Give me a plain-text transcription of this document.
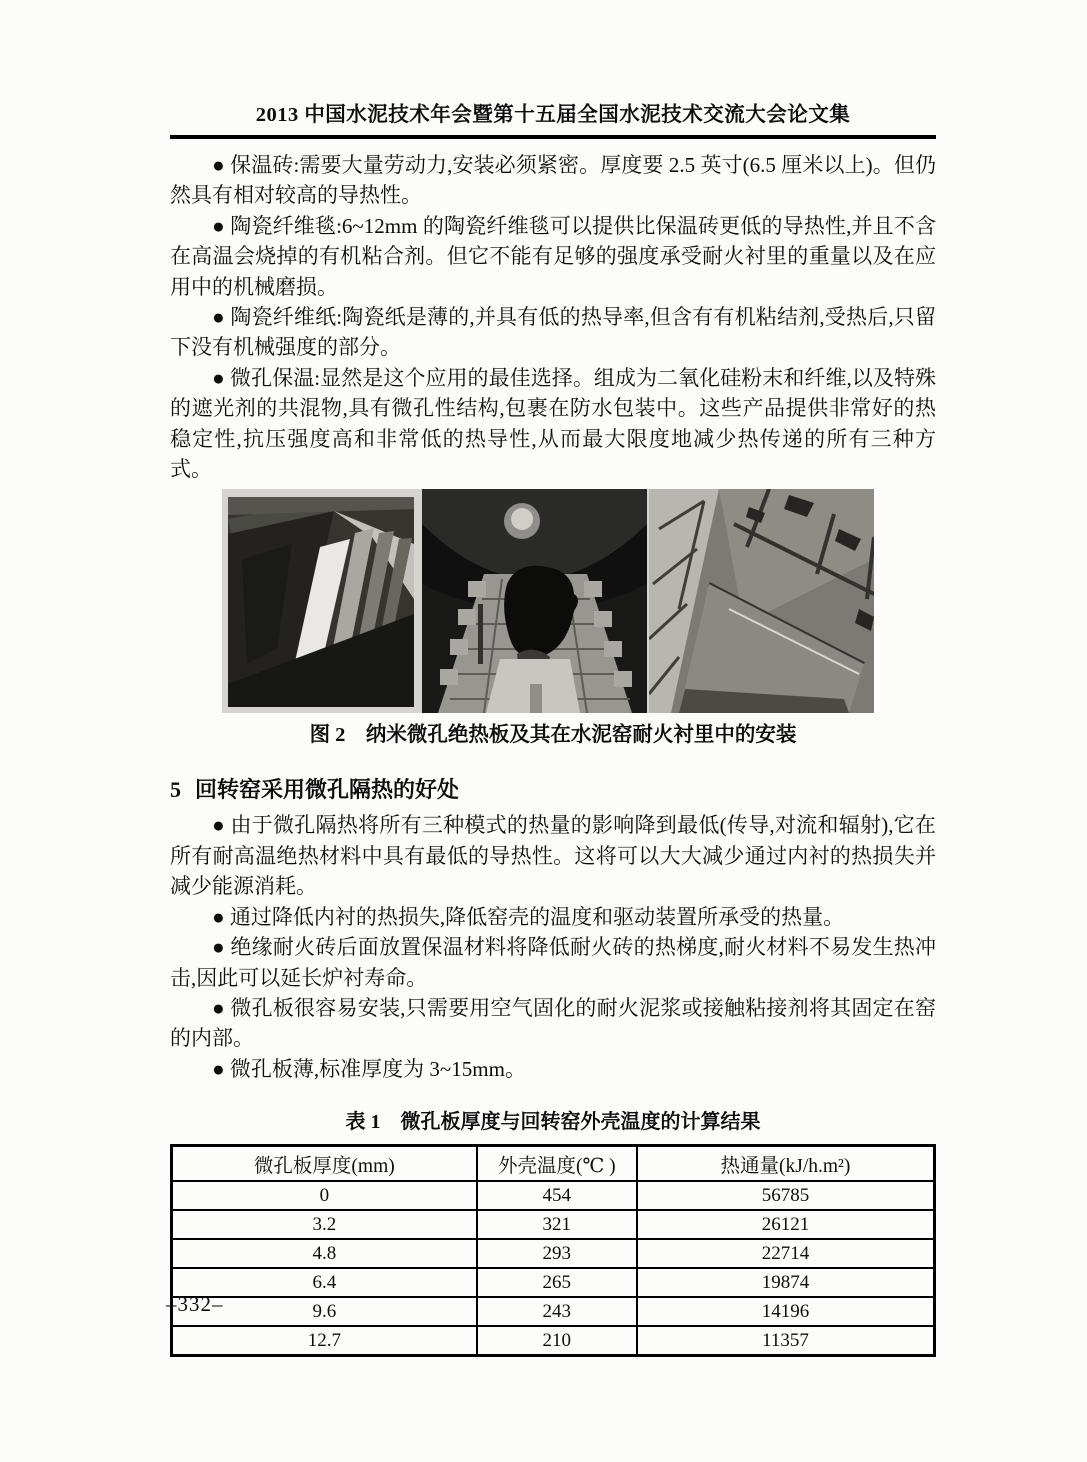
2013 中国水泥技术年会暨第十五届全国水泥技术交流大会论文集

● 保温砖:需要大量劳动力,安装必须紧密。厚度要 2.5 英寸(6.5 厘米以上)。但仍然具有相对较高的导热性。

● 陶瓷纤维毯:6~12mm 的陶瓷纤维毯可以提供比保温砖更低的导热性,并且不含在高温会烧掉的有机粘合剂。但它不能有足够的强度承受耐火衬里的重量以及在应用中的机械磨损。

● 陶瓷纤维纸:陶瓷纸是薄的,并具有低的热导率,但含有有机粘结剂,受热后,只留下没有机械强度的部分。

● 微孔保温:显然是这个应用的最佳选择。组成为二氧化硅粉末和纤维,以及特殊的遮光剂的共混物,具有微孔性结构,包裹在防水包装中。这些产品提供非常好的热稳定性,抗压强度高和非常低的热导性,从而最大限度地减少热传递的所有三种方式。

图 2　纳米微孔绝热板及其在水泥窑耐火衬里中的安装
5 回转窑采用微孔隔热的好处

● 由于微孔隔热将所有三种模式的热量的影响降到最低(传导,对流和辐射),它在所有耐高温绝热材料中具有最低的导热性。这将可以大大减少通过内衬的热损失并减少能源消耗。

● 通过降低内衬的热损失,降低窑壳的温度和驱动装置所承受的热量。

● 绝缘耐火砖后面放置保温材料将降低耐火砖的热梯度,耐火材料不易发生热冲击,因此可以延长炉衬寿命。

● 微孔板很容易安装,只需要用空气固化的耐火泥浆或接触粘接剂将其固定在窑的内部。

● 微孔板薄,标准厚度为 3~15mm。

表 1　微孔板厚度与回转窑外壳温度的计算结果
微孔板厚度(mm)	外壳温度(℃ )	热通量(kJ/h.m²)
0	454	56785
3.2	321	26121
4.8	293	22714
6.4	265	19874
9.6	243	14196
12.7	210	11357
–332–
